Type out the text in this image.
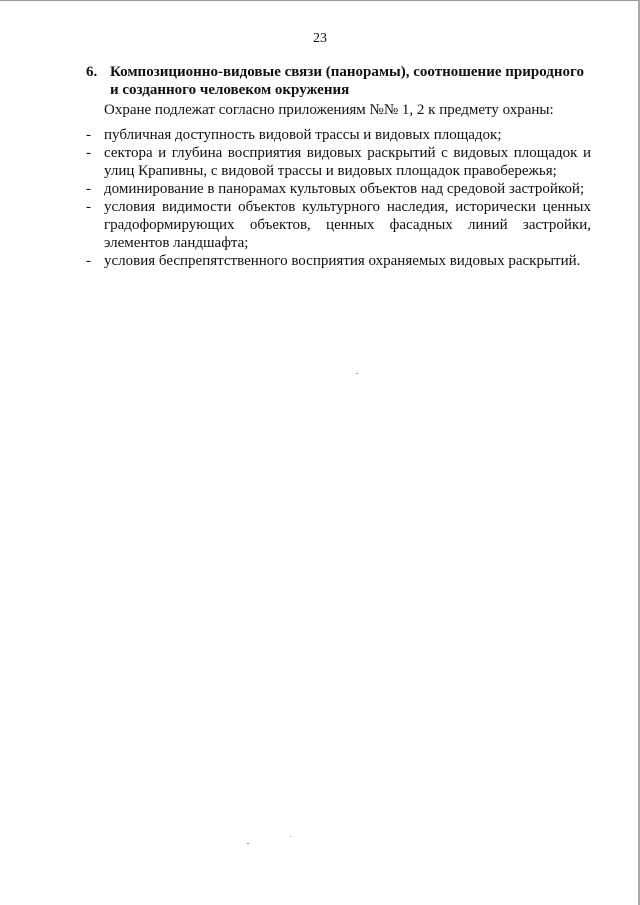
23
6. Композиционно-видовые связи (панорамы), соотношение природного
и созданного человеком окружения
Охране подлежат согласно приложениям №№ 1, 2 к предмету охраны:
- публичная доступность видовой трассы и видовых площадок;
- сектора и глубина восприятия видовых раскрытий с видовых площадок и
улиц Крапивны, с видовой трассы и видовых площадок правобережья;
- доминирование в панорамах культовых объектов над средовой застройкой;
- условия видимости объектов культурного наследия, исторически ценных
градоформирующих объектов, ценных фасадных линий застройки,
элементов ландшафта;
- условия беспрепятственного восприятия охраняемых видовых раскрытий.
